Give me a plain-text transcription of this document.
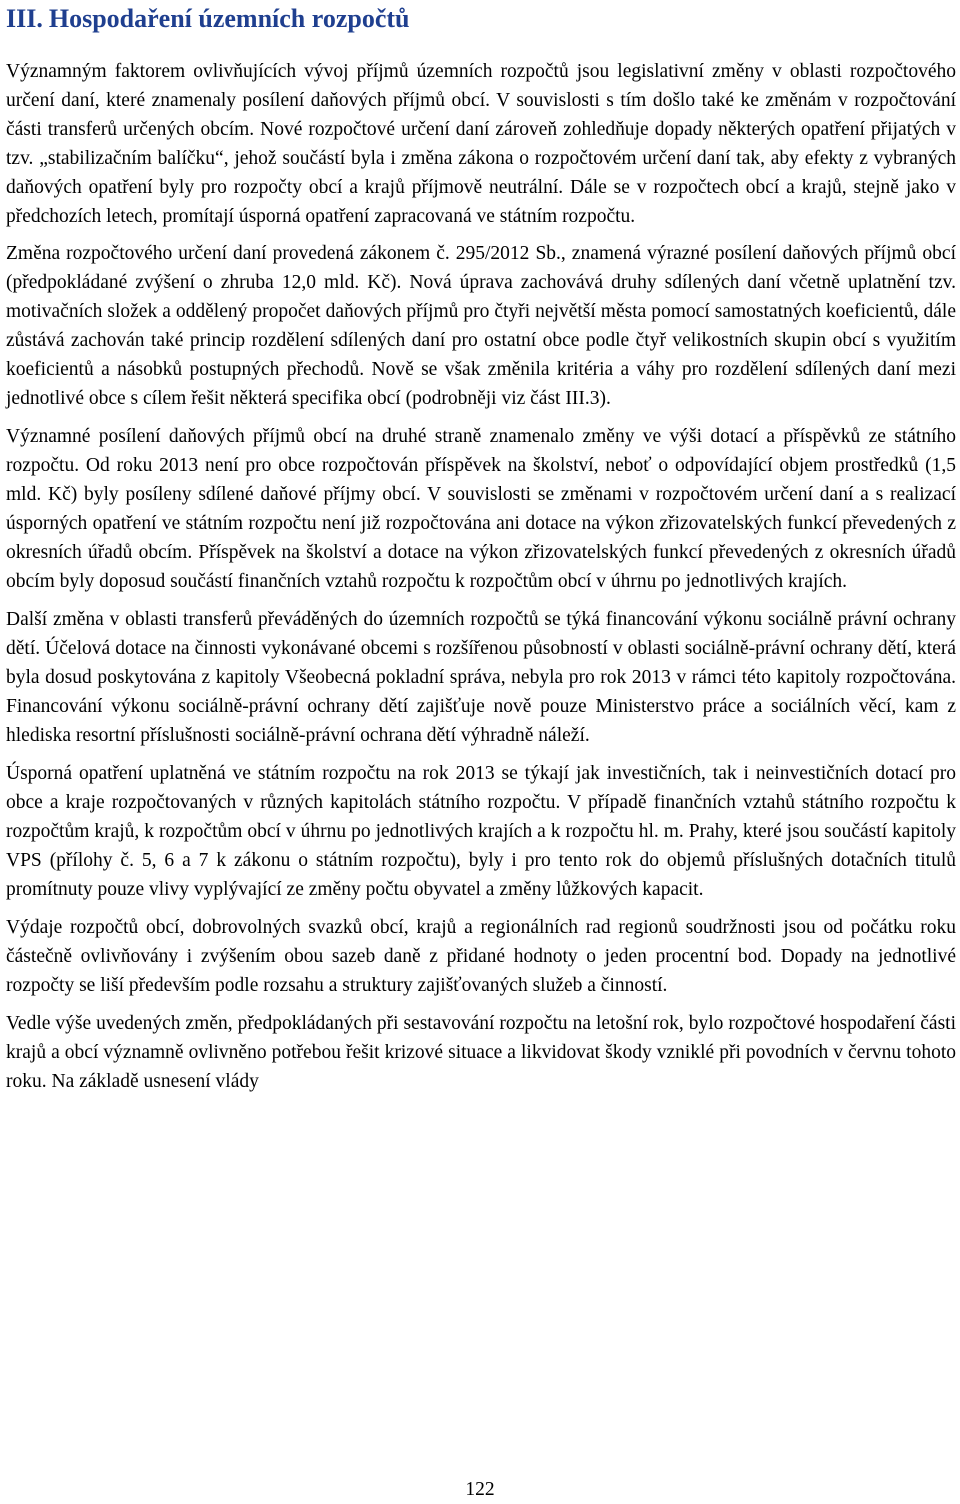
III. Hospodaření územních rozpočtů

Významným faktorem ovlivňujících vývoj příjmů územních rozpočtů jsou legislativní změny v oblasti rozpočtového určení daní, které znamenaly posílení daňových příjmů obcí. V souvislosti s tím došlo také ke změnám v rozpočtování části transferů určených obcím. Nové rozpočtové určení daní zároveň zohledňuje dopady některých opatření přijatých v tzv. „stabilizačním balíčku“, jehož součástí byla i změna zákona o rozpočtovém určení daní tak, aby efekty z vybraných daňových opatření byly pro rozpočty obcí a krajů příjmově neutrální. Dále se v rozpočtech obcí a krajů, stejně jako v předchozích letech, promítají úsporná opatření zapracovaná ve státním rozpočtu.

Změna rozpočtového určení daní provedená zákonem č. 295/2012 Sb., znamená výrazné posílení daňových příjmů obcí (předpokládané zvýšení o zhruba 12,0 mld. Kč). Nová úprava zachovává druhy sdílených daní včetně uplatnění tzv. motivačních složek a oddělený propočet daňových příjmů pro čtyři největší města pomocí samostatných koeficientů, dále zůstává zachován také princip rozdělení sdílených daní pro ostatní obce podle čtyř velikostních skupin obcí s využitím koeficientů a násobků postupných přechodů. Nově se však změnila kritéria a váhy pro rozdělení sdílených daní mezi jednotlivé obce s cílem řešit některá specifika obcí (podrobněji viz část III.3).

Významné posílení daňových příjmů obcí na druhé straně znamenalo změny ve výši dotací a příspěvků ze státního rozpočtu. Od roku 2013 není pro obce rozpočtován příspěvek na školství, neboť o odpovídající objem prostředků (1,5 mld. Kč) byly posíleny sdílené daňové příjmy obcí. V souvislosti se změnami v rozpočtovém určení daní a s realizací úsporných opatření ve státním rozpočtu není již rozpočtována ani dotace na výkon zřizovatelských funkcí převedených z okresních úřadů obcím. Příspěvek na školství a dotace na výkon zřizovatelských funkcí převedených z okresních úřadů obcím byly doposud součástí finančních vztahů rozpočtu k rozpočtům obcí v úhrnu po jednotlivých krajích.

Další změna v oblasti transferů převáděných do územních rozpočtů se týká financování výkonu sociálně právní ochrany dětí. Účelová dotace na činnosti vykonávané obcemi s rozšířenou působností v oblasti sociálně-právní ochrany dětí, která byla dosud poskytována z kapitoly Všeobecná pokladní správa, nebyla pro rok 2013 v rámci této kapitoly rozpočtována. Financování výkonu sociálně-právní ochrany dětí zajišťuje nově pouze Ministerstvo práce a sociálních věcí, kam z hlediska resortní příslušnosti sociálně-právní ochrana dětí výhradně náleží.

Úsporná opatření uplatněná ve státním rozpočtu na rok 2013 se týkají jak investičních, tak i neinvestičních dotací pro obce a kraje rozpočtovaných v různých kapitolách státního rozpočtu. V případě finančních vztahů státního rozpočtu k rozpočtům krajů, k rozpočtům obcí v úhrnu po jednotlivých krajích a k rozpočtu hl. m. Prahy, které jsou součástí kapitoly VPS (přílohy č. 5, 6 a 7 k zákonu o státním rozpočtu), byly i pro tento rok do objemů příslušných dotačních titulů promítnuty pouze vlivy vyplývající ze změny počtu obyvatel a změny lůžkových kapacit.

Výdaje rozpočtů obcí, dobrovolných svazků obcí, krajů a regionálních rad regionů soudržnosti jsou od počátku roku částečně ovlivňovány i zvýšením obou sazeb daně z přidané hodnoty o jeden procentní bod. Dopady na jednotlivé rozpočty se liší především podle rozsahu a struktury zajišťovaných služeb a činností.

Vedle výše uvedených změn, předpokládaných při sestavování rozpočtu na letošní rok, bylo rozpočtové hospodaření části krajů a obcí významně ovlivněno potřebou řešit krizové situace a likvidovat škody vzniklé při povodních v červnu tohoto roku. Na základě usnesení vlády

122
